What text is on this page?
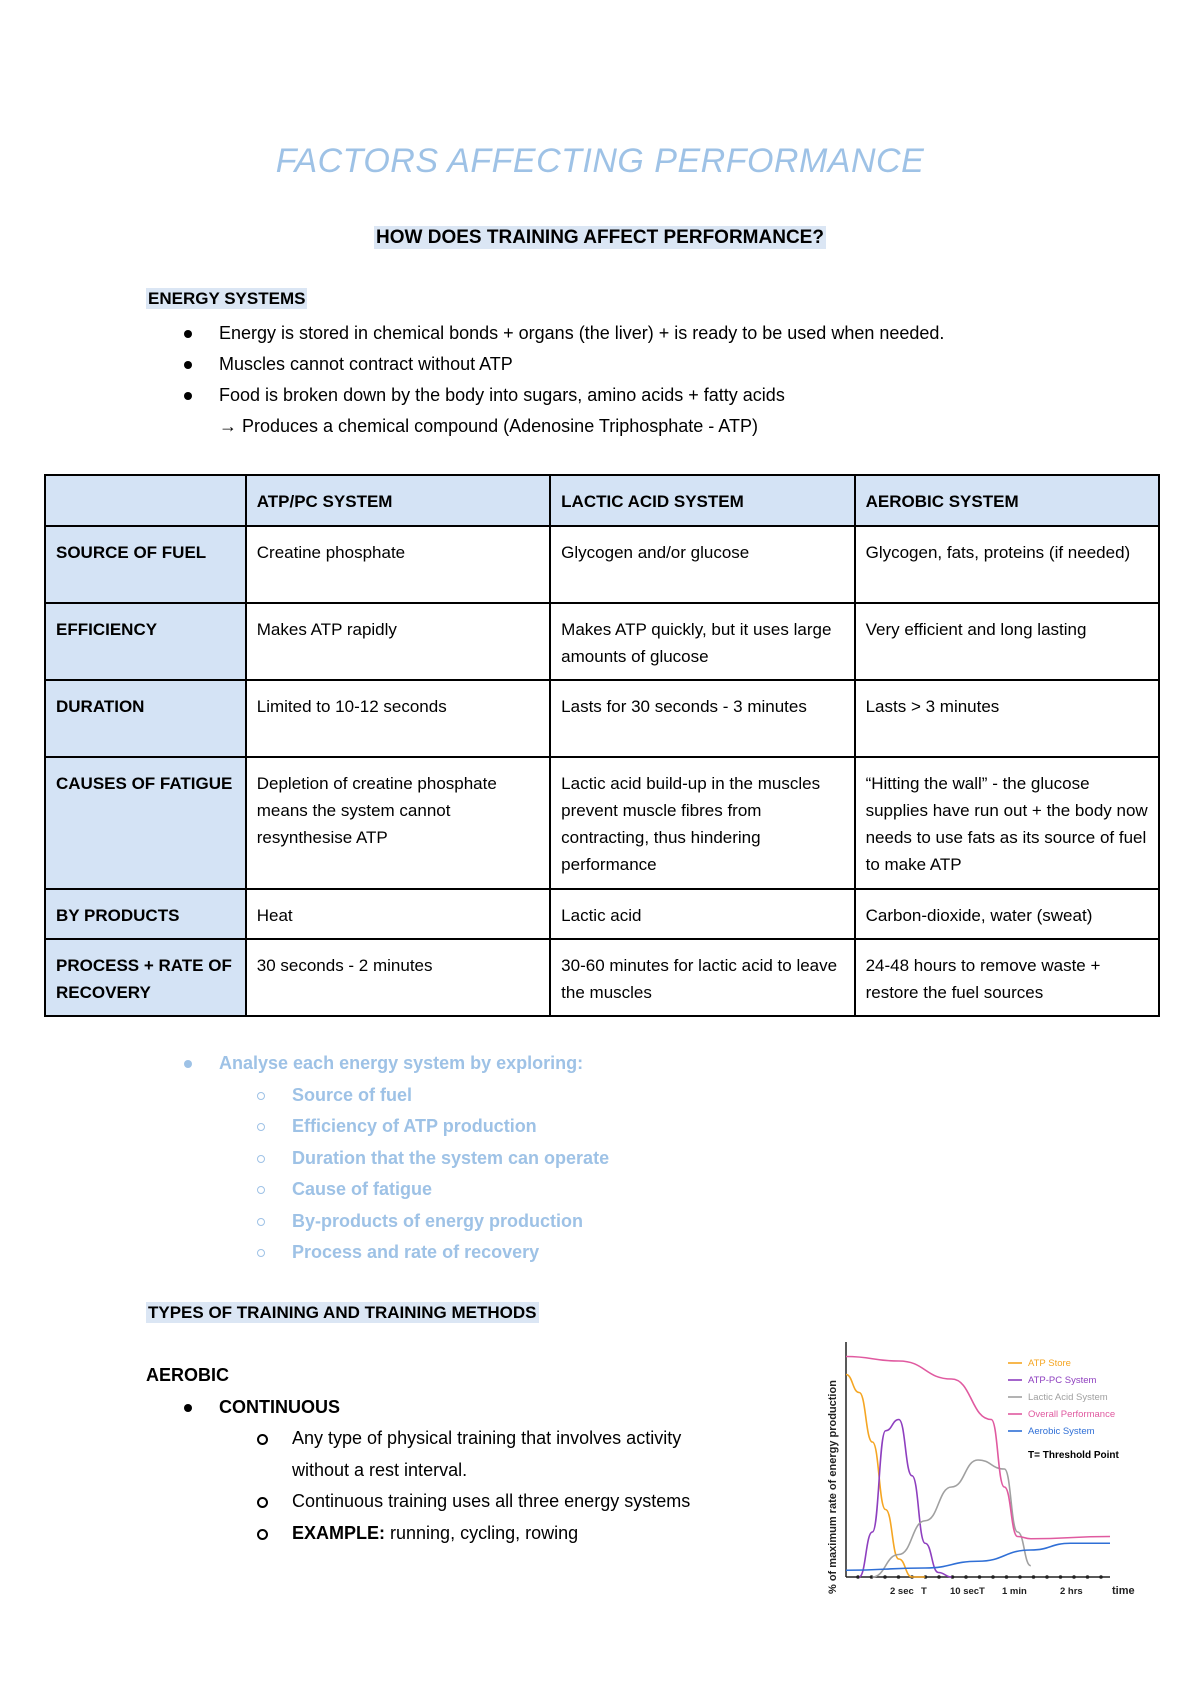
FACTORS AFFECTING PERFORMANCE
HOW DOES TRAINING AFFECT PERFORMANCE?
ENERGY SYSTEMS
Energy is stored in chemical bonds + organs (the liver) + is ready to be used when needed.
Muscles cannot contract without ATP
Food is broken down by the body into sugars, amino acids + fatty acids
→ Produces a chemical compound (Adenosine Triphosphate - ATP)
	ATP/PC SYSTEM	LACTIC ACID SYSTEM	AEROBIC SYSTEM
SOURCE OF FUEL	Creatine phosphate	Glycogen and/or glucose	Glycogen, fats, proteins (if needed)
EFFICIENCY	Makes ATP rapidly	Makes ATP quickly, but it uses large amounts of glucose	Very efficient and long lasting
DURATION	Limited to 10-12 seconds	Lasts for 30 seconds - 3 minutes	Lasts > 3 minutes
CAUSES OF FATIGUE	Depletion of creatine phosphate means the system cannot resynthesise ATP	Lactic acid build-up in the muscles prevent muscle fibres from contracting, thus hindering performance	“Hitting the wall” - the glucose supplies have run out + the body now needs to use fats as its source of fuel to make ATP
BY PRODUCTS	Heat	Lactic acid	Carbon-dioxide, water (sweat)
PROCESS + RATE OF RECOVERY	30 seconds - 2 minutes	30-60 minutes for lactic acid to leave the muscles	24-48 hours to remove waste + restore the fuel sources
Analyse each energy system by exploring:
Source of fuel
Efficiency of ATP production
Duration that the system can operate
Cause of fatigue
By-products of energy production
Process and rate of recovery
TYPES OF TRAINING AND TRAINING METHODS
AEROBIC
CONTINUOUS
Any type of physical training that involves activity
without a rest interval.
Continuous training uses all three energy systems
EXAMPLE: running, cycling, rowing	% of maximum rate of energy production	2 sec T 10 sec T 1 min	2 hrs	time
ATP Store
ATP-PC System
Lactic Acid System
Overall Performance
Aerobic System
T= Threshold Point
